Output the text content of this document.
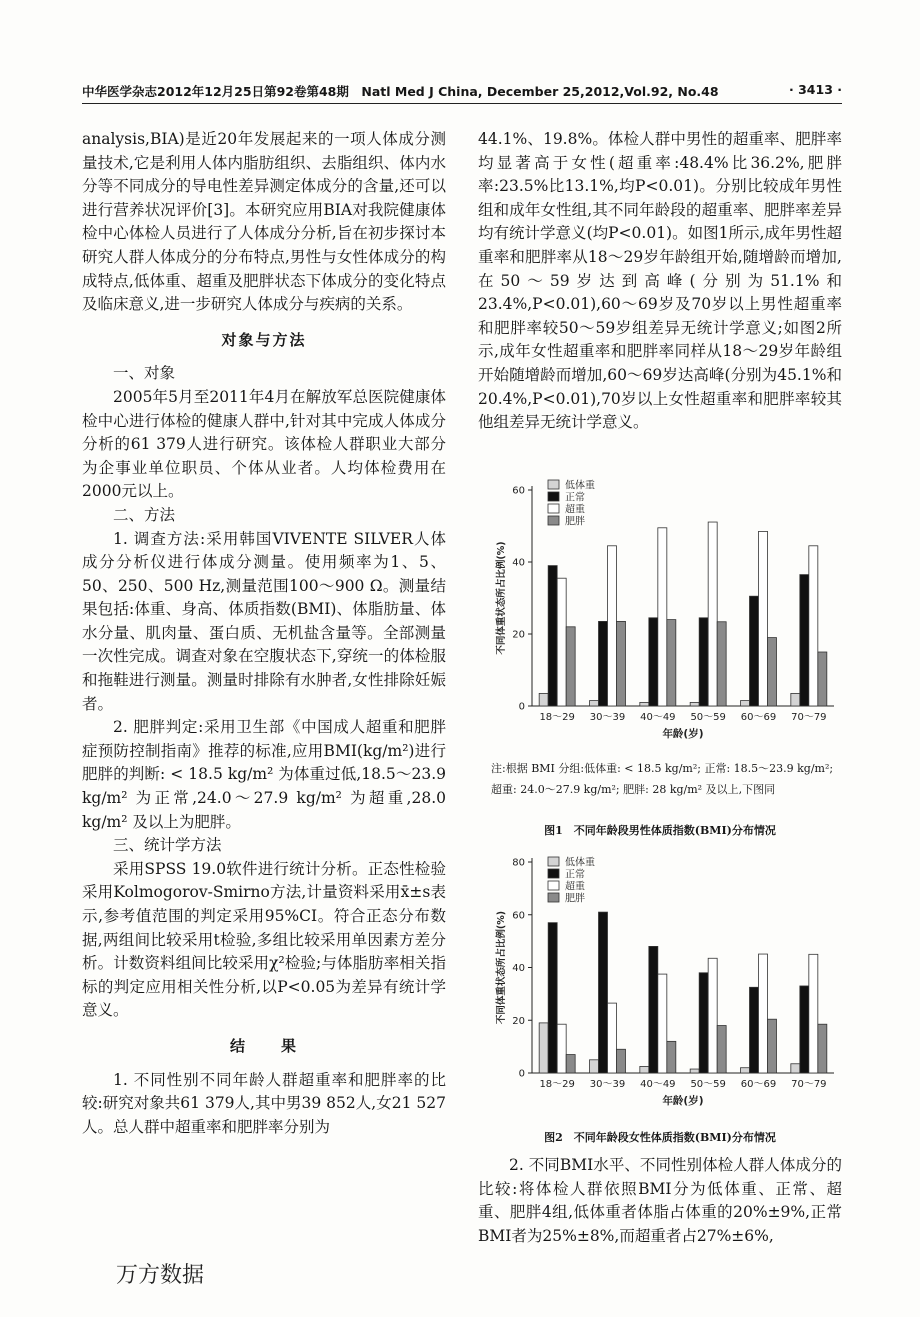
中华医学杂志2012年12月25日第92卷第48期　Natl Med J China, December 25,2012,Vol.92, No.48	· 3413 ·

analysis,BIA)是近20年发展起来的一项人体成分测量技术,它是利用人体内脂肪组织、去脂组织、体内水分等不同成分的导电性差异测定体成分的含量,还可以进行营养状况评价[3]。本研究应用BIA对我院健康体检中心体检人员进行了人体成分分析,旨在初步探讨本研究人群人体成分的分布特点,男性与女性体成分的构成特点,低体重、超重及肥胖状态下体成分的变化特点及临床意义,进一步研究人体成分与疾病的关系。

对象与方法

一、对象

2005年5月至2011年4月在解放军总医院健康体检中心进行体检的健康人群中,针对其中完成人体成分分析的61 379人进行研究。该体检人群职业大部分为企事业单位职员、个体从业者。人均体检费用在2000元以上。

二、方法

1. 调查方法:采用韩国VIVENTE SILVER人体成分分析仪进行体成分测量。使用频率为1、5、50、250、500 Hz,测量范围100～900 Ω。测量结果包括:体重、身高、体质指数(BMI)、体脂肪量、体水分量、肌肉量、蛋白质、无机盐含量等。全部测量一次性完成。调查对象在空腹状态下,穿统一的体检服和拖鞋进行测量。测量时排除有水肿者,女性排除妊娠者。

2. 肥胖判定:采用卫生部《中国成人超重和肥胖症预防控制指南》推荐的标准,应用BMI(kg/m²)进行肥胖的判断: < 18.5 kg/m² 为体重过低,18.5～23.9 kg/m² 为正常,24.0～27.9 kg/m² 为超重,28.0 kg/m² 及以上为肥胖。

三、统计学方法

采用SPSS 19.0软件进行统计分析。正态性检验采用Kolmogorov-Smirno方法,计量资料采用x̄±s表示,参考值范围的判定采用95%CI。符合正态分布数据,两组间比较采用t检验,多组比较采用单因素方差分析。计数资料组间比较采用χ²检验;与体脂肪率相关指标的判定应用相关性分析,以P<0.05为差异有统计学意义。

结　　果

1. 不同性别不同年龄人群超重率和肥胖率的比较:研究对象共61 379人,其中男39 852人,女21 527人。总人群中超重率和肥胖率分别为

44.1%、19.8%。体检人群中男性的超重率、肥胖率均显著高于女性(超重率:48.4%比36.2%,肥胖率:23.5%比13.1%,均P<0.01)。分别比较成年男性组和成年女性组,其不同年龄段的超重率、肥胖率差异均有统计学意义(均P<0.01)。如图1所示,成年男性超重率和肥胖率从18～29岁年龄组开始,随增龄而增加,在50～59岁达到高峰(分别为51.1%和23.4%,P<0.01),60～69岁及70岁以上男性超重率和肥胖率较50～59岁组差异无统计学意义;如图2所示,成年女性超重率和肥胖率同样从18～29岁年龄组开始随增龄而增加,60～69岁达高峰(分别为45.1%和20.4%,P<0.01),70岁以上女性超重率和肥胖率较其他组差异无统计学意义。

0
20
40
60
18～29 30～39 40～49 50～59 60～69 70～79
年龄(岁)
不同体重状态所占比例(%)
低体重
正常
超重
肥胖
注:根据 BMI 分组:低体重: < 18.5 kg/m²; 正常: 18.5～23.9 kg/m²; 超重: 24.0～27.9 kg/m²; 肥胖: 28 kg/m² 及以上,下图同
图1　不同年龄段男性体质指数(BMI)分布情况
0
20
40
60
80
18～29 30～39 40～49 50～59 60～69 70～79
年龄(岁)
不同体重状态所占比例(%)
低体重
正常
超重
肥胖
图2　不同年龄段女性体质指数(BMI)分布情况

2. 不同BMI水平、不同性别体检人群人体成分的比较:将体检人群依照BMI分为低体重、正常、超重、肥胖4组,低体重者体脂占体重的20%±9%,正常BMI者为25%±8%,而超重者占27%±6%,

万方数据
